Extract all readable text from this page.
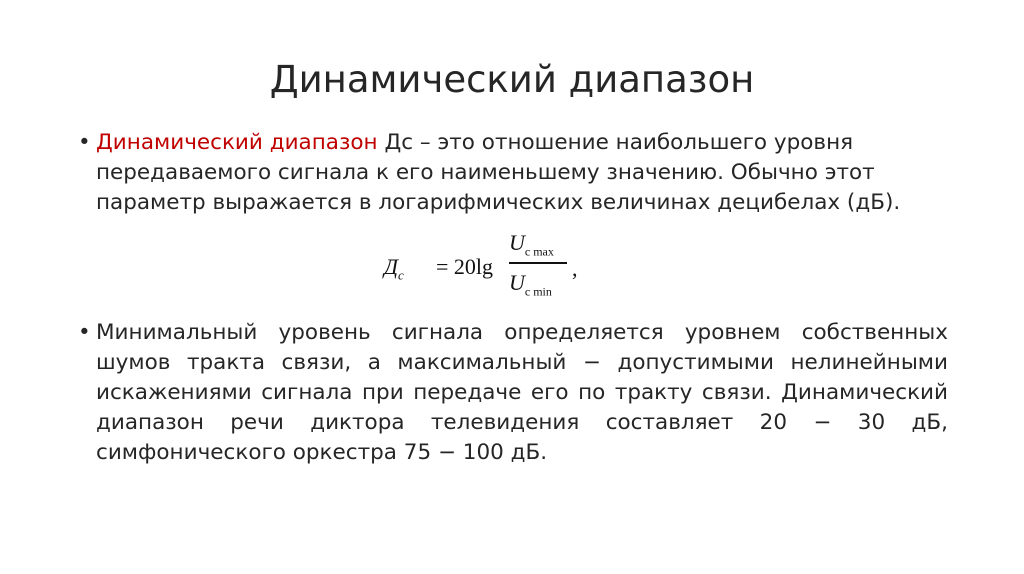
Динамический диапазон
• Динамический диапазон Дс – это отношение наибольшего уровня передаваемого сигнала к его наименьшему значению. Обычно этот параметр выражается в логарифмических величинах децибелах (дБ).
$Д_c = 20\lg$
$U_{c max}$
$U_{c min}$
,
• Минимальный уровень сигнала определяется уровнем собственных шумов тракта связи, а максимальный − допустимыми нелинейными искажениями сигнала при передаче его по тракту связи. Динамический диапазон речи диктора телевидения составляет 20 − 30 дБ, симфонического оркестра 75 − 100 дБ.
